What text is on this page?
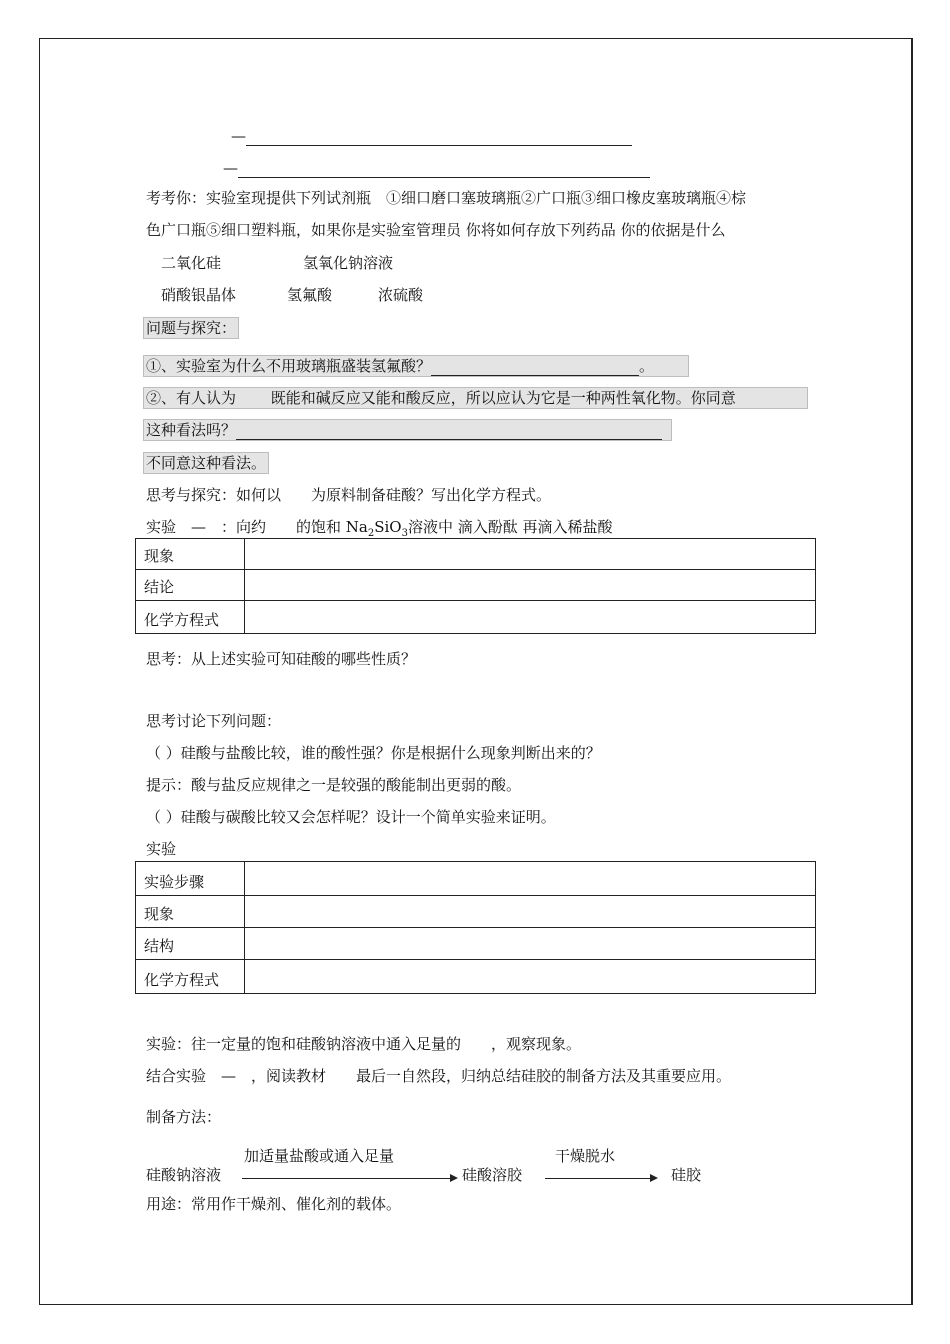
—
—
考考你：实验室现提供下列试剂瓶　①细口磨口塞玻璃瓶②广口瓶③细口橡皮塞玻璃瓶④棕
色广口瓶⑤细口塑料瓶，如果你是实验室管理员 你将如何存放下列药品 你的依据是什么
二氧化硅	氢氧化钠溶液
硝酸银晶体	氢氟酸	浓硫酸
问题与探究：
①、实验室为什么不用玻璃瓶盛装氢氟酸？	。
②、有人认为　　 既能和碱反应又能和酸反应，所以应认为它是一种两性氧化物。你同意
这种看法吗？
不同意这种看法。
思考与探究：如何以　　为原料制备硅酸？写出化学方程式。
实验　—　：向约　　的饱和 $Na_2SiO_3$溶液中 滴入酚酞 再滴入稀盐酸
现象	
结论	
化学方程式	
思考：从上述实验可知硅酸的哪些性质？
思考讨论下列问题：
（ ）硅酸与盐酸比较，谁的酸性强？你是根据什么现象判断出来的？
提示：酸与盐反应规律之一是较强的酸能制出更弱的酸。
（ ）硅酸与碳酸比较又会怎样呢？设计一个简单实验来证明。
实验
实验步骤	
现象	
结构	
化学方程式	
实验：往一定量的饱和硅酸钠溶液中通入足量的　　，观察现象。
结合实验　—　，阅读教材　　最后一自然段，归纳总结硅胶的制备方法及其重要应用。
制备方法：
加适量盐酸或通入足量	干燥脱水
硅酸钠溶液	硅酸溶胶	硅胶
用途：常用作干燥剂、催化剂的载体。
